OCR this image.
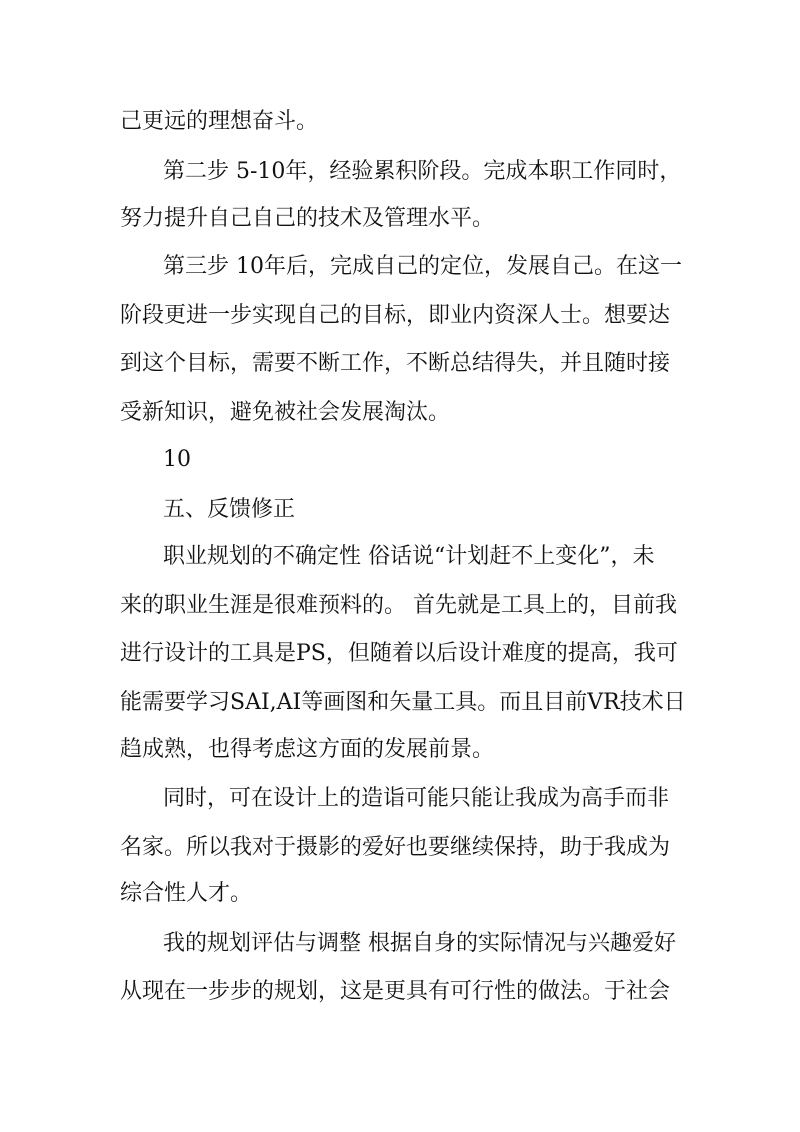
己更远的理想奋斗。
第二步 5-10年，经验累积阶段。完成本职工作同时，
努力提升自己自己的技术及管理水平。
第三步 10年后，完成自己的定位，发展自己。在这一
阶段更进一步实现自己的目标，即业内资深人士。想要达
到这个目标，需要不断工作，不断总结得失，并且随时接
受新知识，避免被社会发展淘汰。
10
五、反馈修正
职业规划的不确定性 俗话说“计划赶不上变化”，未
来的职业生涯是很难预料的。 首先就是工具上的，目前我
进行设计的工具是PS，但随着以后设计难度的提高，我可
能需要学习SAI,AI等画图和矢量工具。而且目前VR技术日
趋成熟，也得考虑这方面的发展前景。
同时，可在设计上的造诣可能只能让我成为高手而非
名家。所以我对于摄影的爱好也要继续保持，助于我成为
综合性人才。
我的规划评估与调整 根据自身的实际情况与兴趣爱好
从现在一步步的规划，这是更具有可行性的做法。于社会
